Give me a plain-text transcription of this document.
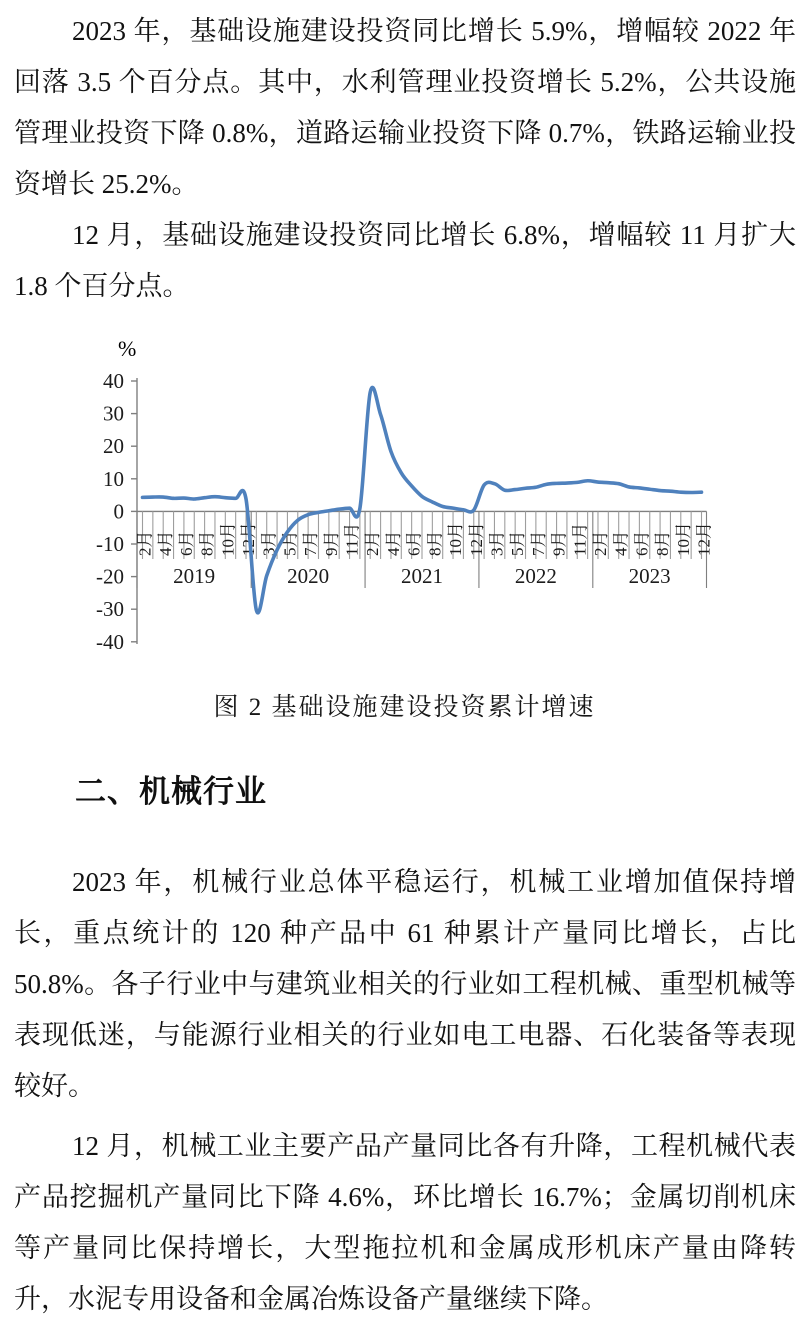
2023 年，基础设施建设投资同比增长 5.9%，增幅较 2022 年回落 3.5 个百分点。其中，水利管理业投资增长 5.2%，公共设施管理业投资下降 0.8%，道路运输业投资下降 0.7%，铁路运输业投资增长 25.2%。

12 月，基础设施建设投资同比增长 6.8%，增幅较 11 月扩大 1.8 个百分点。

%
40
30
20
10
0
-10
-20
-30
-40
2月 4月 6月 8月 10月 12月 3月 5月 7月 9月 11月 2月 4月 6月 8月 10月 12月 3月 5月 7月 9月 11月 2月 4月 6月 8月 10月 12月
2019	2020	2021	2022	2023

图 2 基础设施建设投资累计增速

二、机械行业

2023 年，机械行业总体平稳运行，机械工业增加值保持增长，重点统计的 120 种产品中 61 种累计产量同比增长，占比 50.8%。各子行业中与建筑业相关的行业如工程机械、重型机械等表现低迷，与能源行业相关的行业如电工电器、石化装备等表现较好。

12 月，机械工业主要产品产量同比各有升降，工程机械代表产品挖掘机产量同比下降 4.6%，环比增长 16.7%；金属切削机床等产量同比保持增长，大型拖拉机和金属成形机床产量由降转升，水泥专用设备和金属冶炼设备产量继续下降。
